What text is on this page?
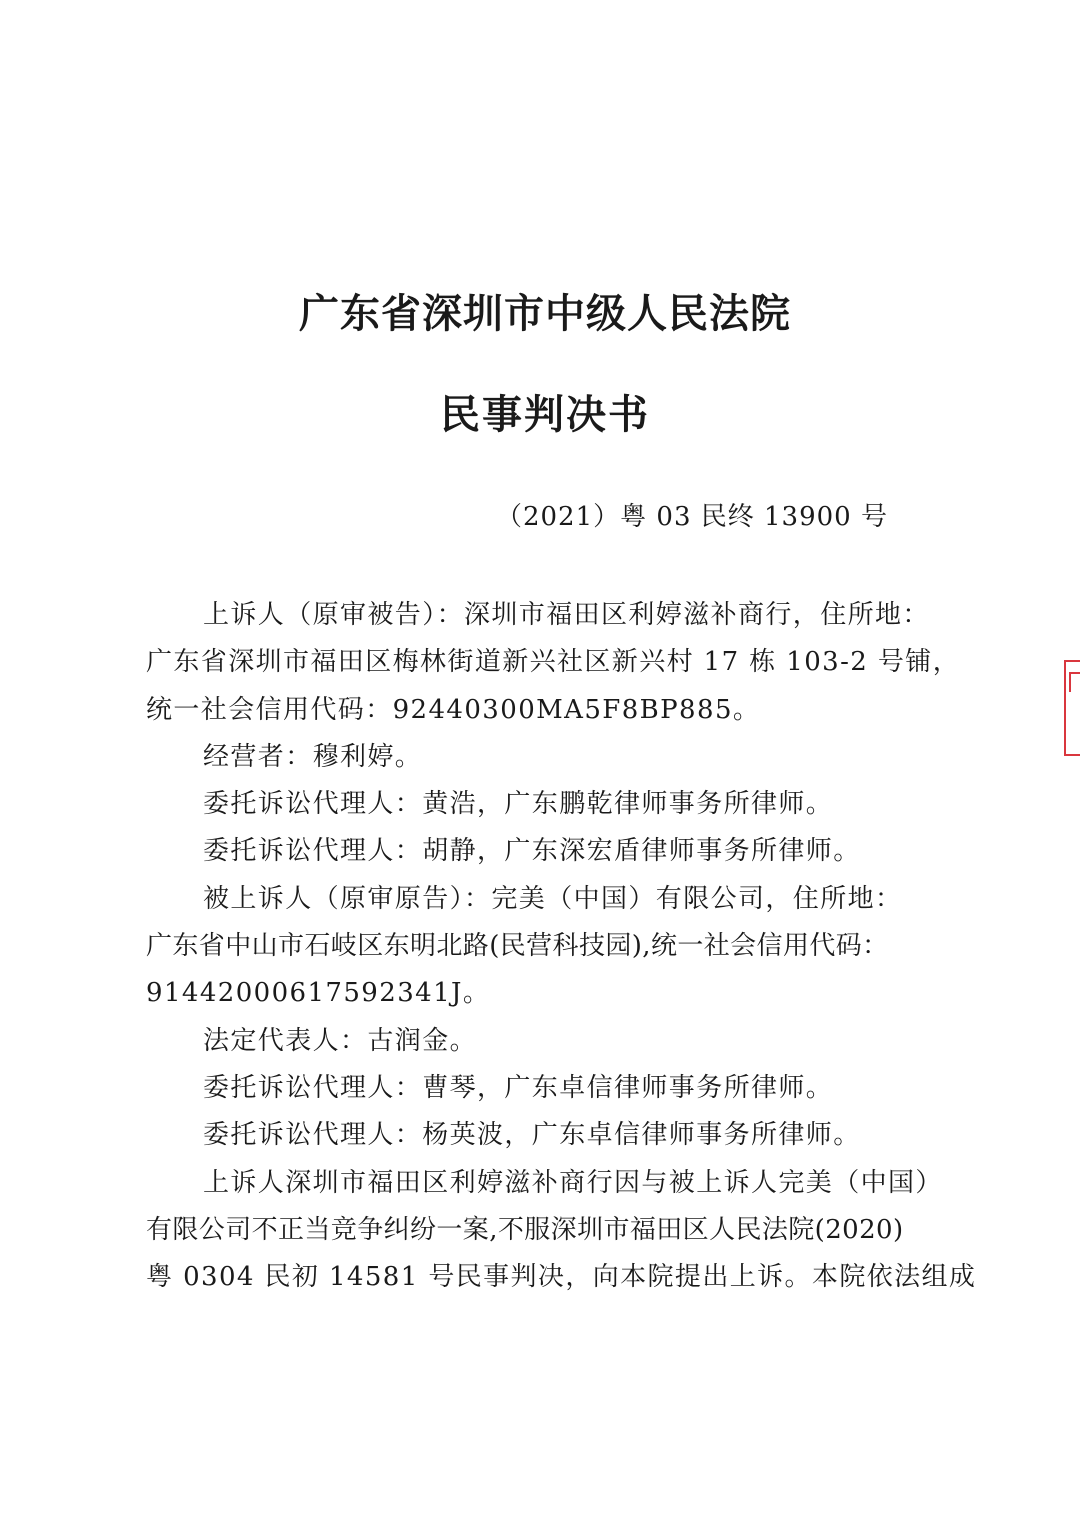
广东省深圳市中级人民法院
民事判决书
（2021）粤 03 民终 13900 号
上诉人（原审被告）：深圳市福田区利婷滋补商行，住所地：
广东省深圳市福田区梅林街道新兴社区新兴村 17 栋 103-2 号铺，
统一社会信用代码：92440300MA5F8BP885。
经营者：穆利婷。
委托诉讼代理人：黄浩，广东鹏乾律师事务所律师。
委托诉讼代理人：胡静，广东深宏盾律师事务所律师。
被上诉人（原审原告）：完美（中国）有限公司，住所地：
广东省中山市石岐区东明北路(民营科技园),统一社会信用代码：
91442000617592341J。
法定代表人：古润金。
委托诉讼代理人：曹琴，广东卓信律师事务所律师。
委托诉讼代理人：杨英波，广东卓信律师事务所律师。
上诉人深圳市福田区利婷滋补商行因与被上诉人完美（中国）
有限公司不正当竞争纠纷一案,不服深圳市福田区人民法院(2020)
粤 0304 民初 14581 号民事判决，向本院提出上诉。本院依法组成
